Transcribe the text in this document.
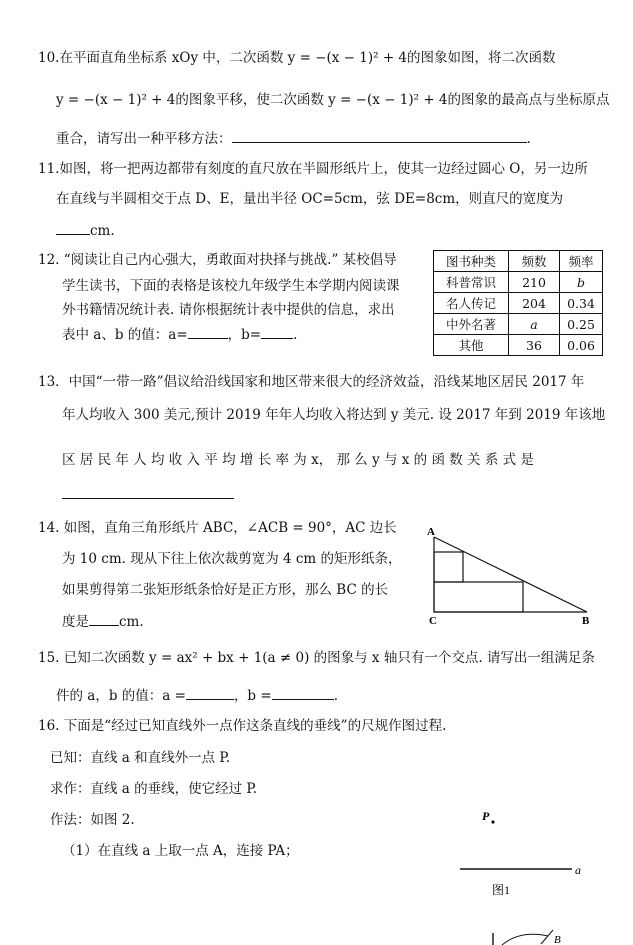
10.在平面直角坐标系 xOy 中，二次函数 y = −(x − 1)² + 4的图象如图，将二次函数
y = −(x − 1)² + 4的图象平移，使二次函数 y = −(x − 1)² + 4的图象的最高点与坐标原点
重合，请写出一种平移方法：	.
11.如图，将一把两边都带有刻度的直尺放在半圆形纸片上，使其一边经过圆心 O，另一边所
在直线与半圆相交于点 D、E，量出半径 OC=5cm，弦 DE=8cm，则直尺的宽度为
cm.
12. “阅读让自己内心强大，勇敢面对抉择与挑战.” 某校倡导
学生读书，下面的表格是该校九年级学生本学期内阅读课
外书籍情况统计表. 请你根据统计表中提供的信息，求出
表中 a、b 的值：a=	，b= .
图书种类	频数	频率
科普常识	210	b
名人传记	204	0.34
中外名著	a	0.25
其他	36	0.06
13．中国“一带一路”倡议给沿线国家和地区带来很大的经济效益，沿线某地区居民 2017 年
年人均收入 300 美元,预计 2019 年年人均收入将达到 y 美元. 设 2017 年到 2019 年该地
区 居 民 年 人 均 收 入 平 均 增 长 率 为 x， 那 么 y 与 x 的 函 数 关 系 式 是
14. 如图，直角三角形纸片 ABC，∠ACB = 90°，AC 边长
为 10 cm. 现从下往上依次裁剪宽为 4 cm 的矩形纸条，
如果剪得第二张矩形纸条恰好是正方形，那么 BC 的长
度是 cm.
A
C	B
P
a
图1
B
15. 已知二次函数 y = ax² + bx + 1(a ≠ 0) 的图象与 x 轴只有一个交点. 请写出一组满足条
件的 a，b 的值：a =	，b =	.
16. 下面是“经过已知直线外一点作这条直线的垂线”的尺规作图过程.
已知：直线 a 和直线外一点 P.
求作：直线 a 的垂线，使它经过 P.
作法：如图 2.
（1）在直线 a 上取一点 A，连接 PA；
